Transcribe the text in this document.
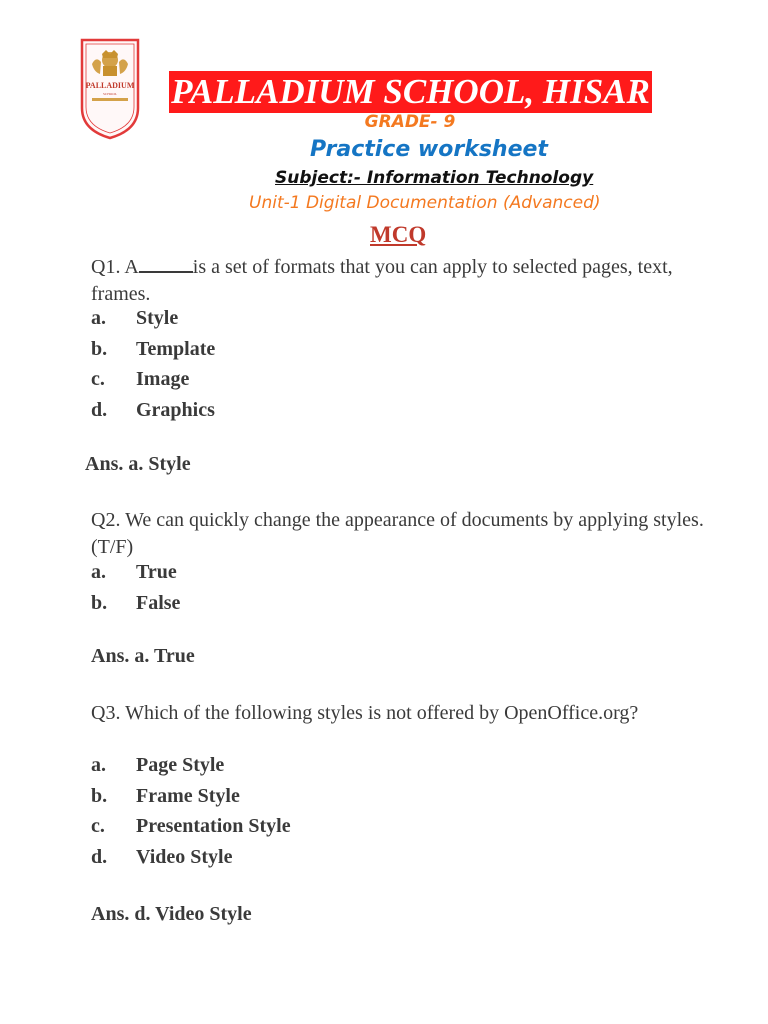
PALLADIUM
SCHOOL PALLADIUM SCHOOL, HISAR
GRADE- 9
Practice worksheet
Subject:- Information Technology
Unit-1 Digital Documentation (Advanced)
MCQ
Q1. A	is a set of formats that you can apply to selected pages, text, frames.
a. Style
b. Template
c. Image
d. Graphics
Ans. a. Style
Q2. We can quickly change the appearance of documents by applying styles.(T/F)
a. True
b. False
Ans. a. True
Q3. Which of the following styles is not offered by OpenOffice.org?
a. Page Style
b. Frame Style
c. Presentation Style
d. Video Style
Ans. d. Video Style
